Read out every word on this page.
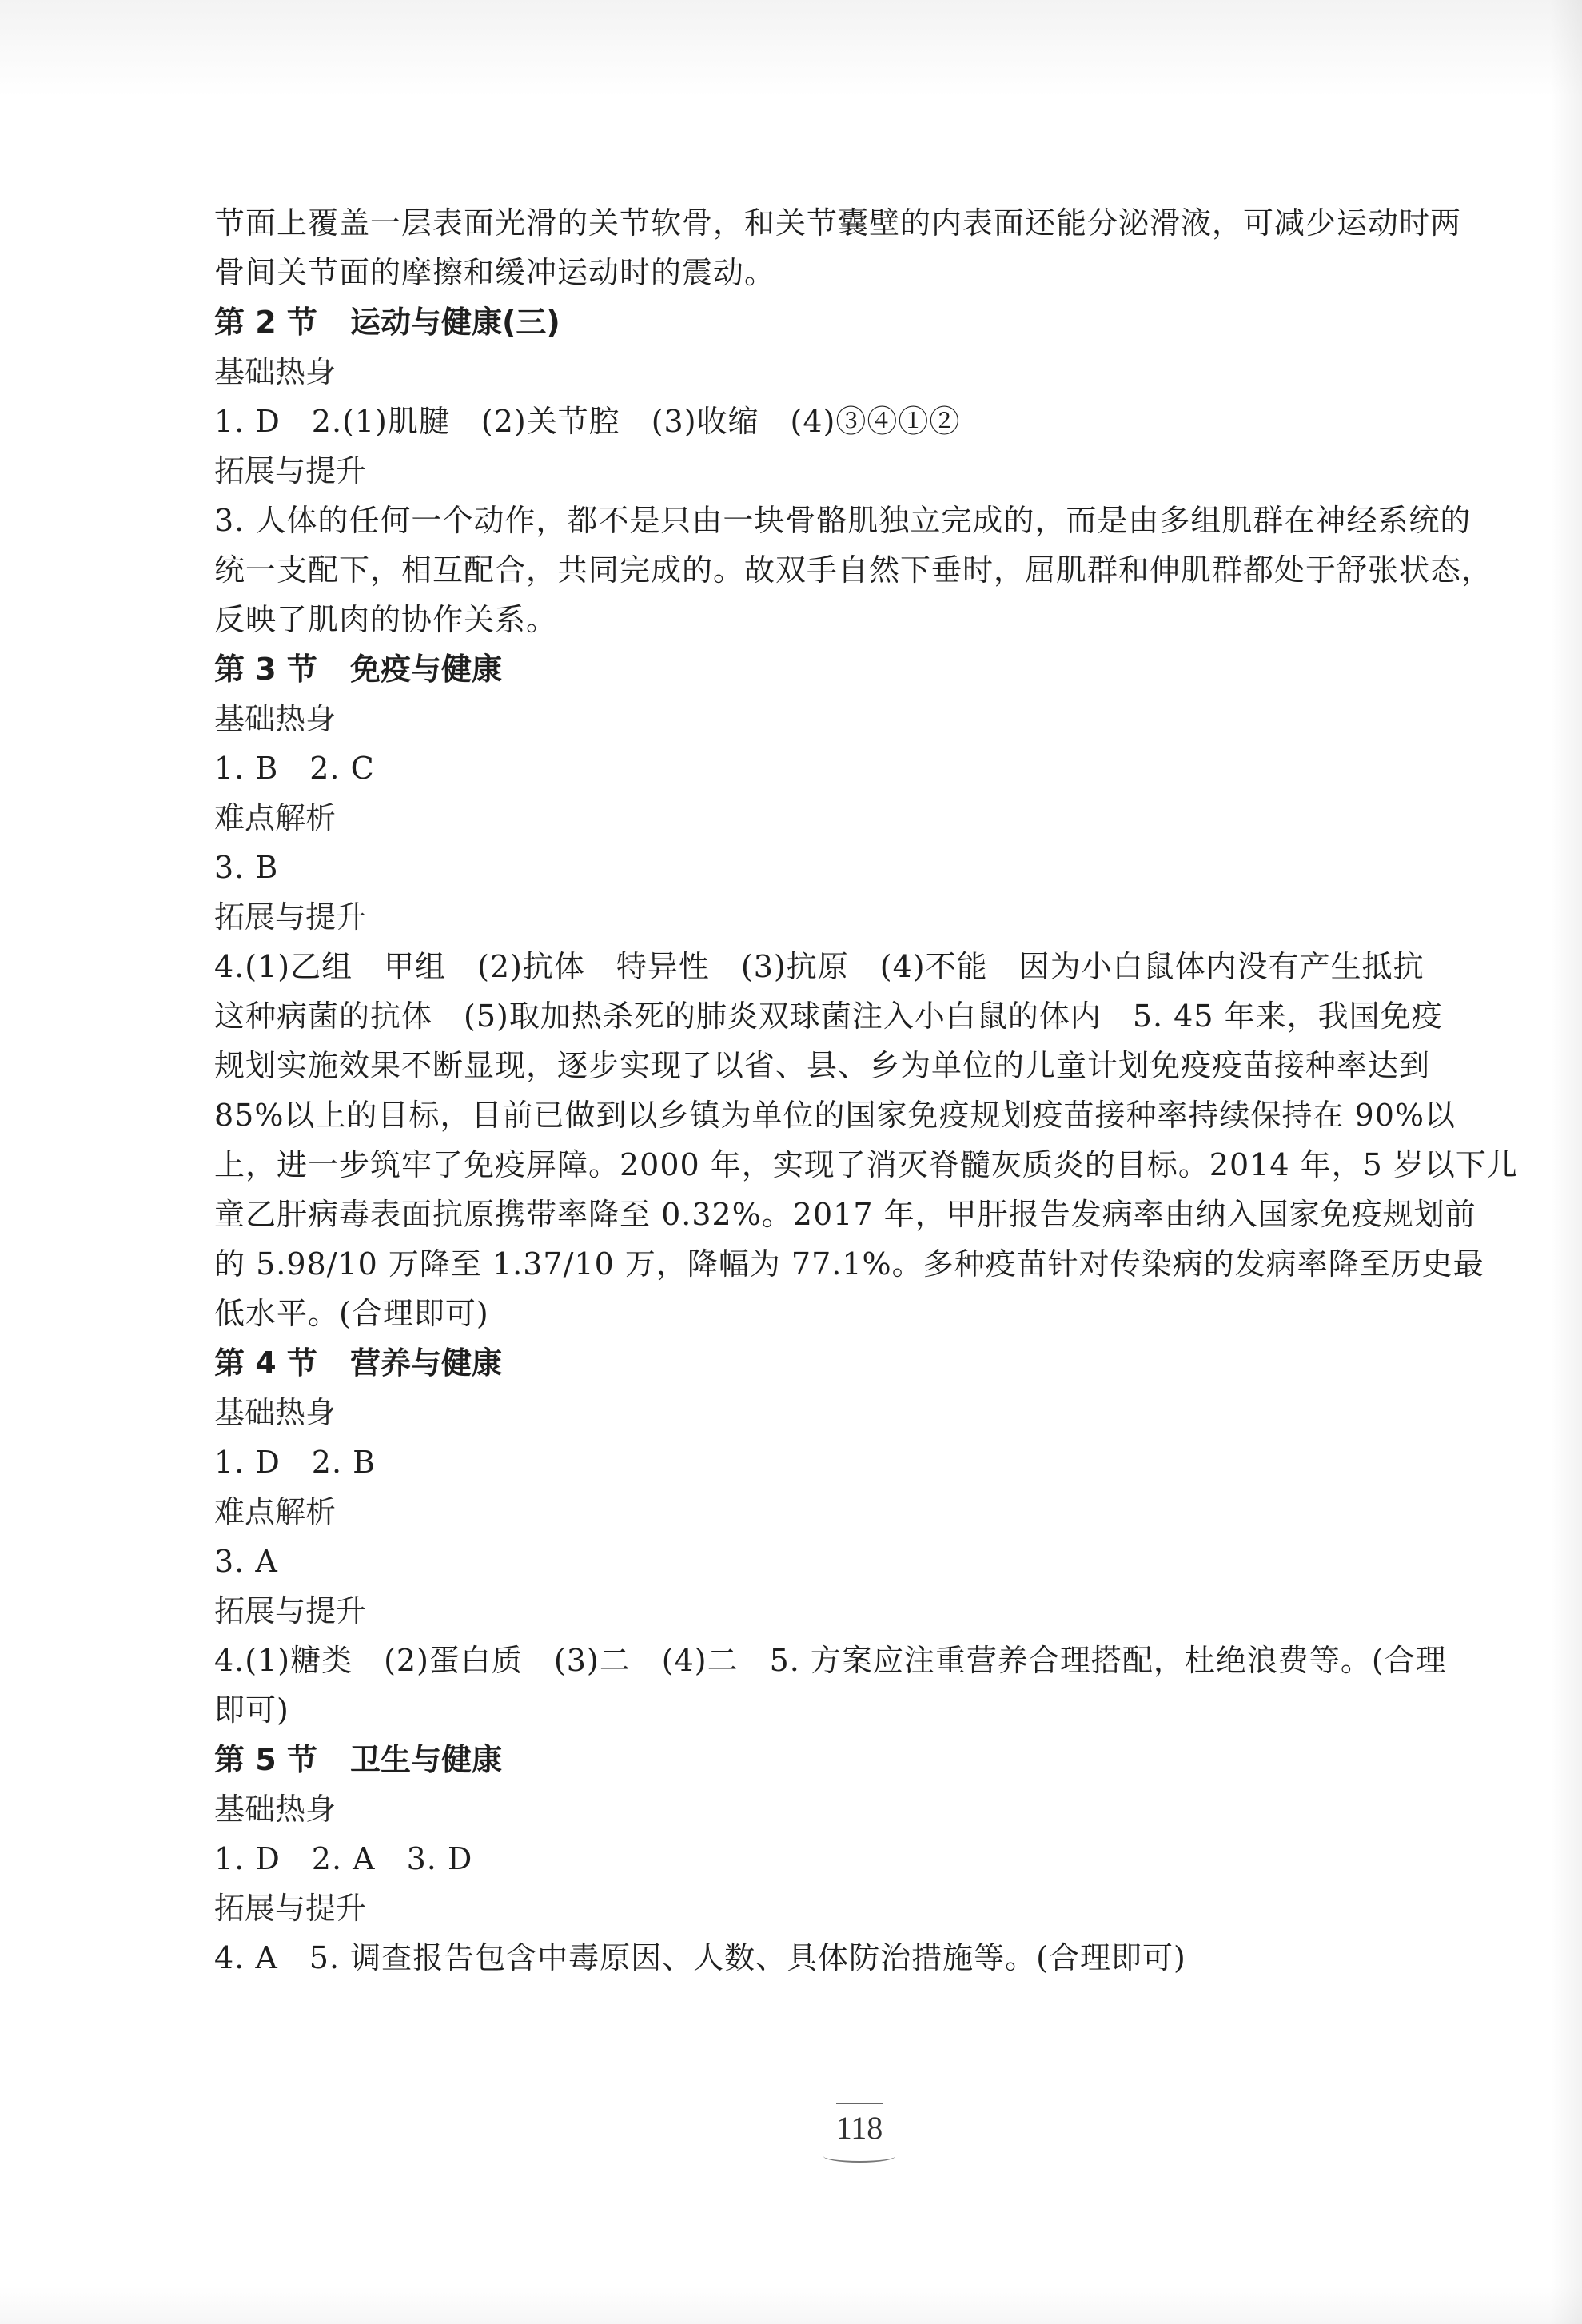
节面上覆盖一层表面光滑的关节软骨，和关节囊壁的内表面还能分泌滑液，可减少运动时两
骨间关节面的摩擦和缓冲运动时的震动。
第 2 节 运动与健康(三)
基础热身
1. D　2.(1)肌腱　(2)关节腔　(3)收缩　(4)③④①②
拓展与提升
3. 人体的任何一个动作，都不是只由一块骨骼肌独立完成的，而是由多组肌群在神经系统的
统一支配下，相互配合，共同完成的。故双手自然下垂时，屈肌群和伸肌群都处于舒张状态，
反映了肌肉的协作关系。
第 3 节 免疫与健康
基础热身
1. B　2. C
难点解析
3. B
拓展与提升
4.(1)乙组　甲组　(2)抗体　特异性　(3)抗原　(4)不能　因为小白鼠体内没有产生抵抗
这种病菌的抗体　(5)取加热杀死的肺炎双球菌注入小白鼠的体内　5. 45 年来，我国免疫
规划实施效果不断显现，逐步实现了以省、县、乡为单位的儿童计划免疫疫苗接种率达到
85%以上的目标，目前已做到以乡镇为单位的国家免疫规划疫苗接种率持续保持在 90%以
上，进一步筑牢了免疫屏障。2000 年，实现了消灭脊髓灰质炎的目标。2014 年，5 岁以下儿
童乙肝病毒表面抗原携带率降至 0.32%。2017 年，甲肝报告发病率由纳入国家免疫规划前
的 5.98/10 万降至 1.37/10 万，降幅为 77.1%。多种疫苗针对传染病的发病率降至历史最
低水平。(合理即可)
第 4 节 营养与健康
基础热身
1. D　2. B
难点解析
3. A
拓展与提升
4.(1)糖类　(2)蛋白质　(3)二　(4)二　5. 方案应注重营养合理搭配，杜绝浪费等。(合理
即可)
第 5 节 卫生与健康
基础热身
1. D　2. A　3. D
拓展与提升
4. A　5. 调查报告包含中毒原因、人数、具体防治措施等。(合理即可)
118
